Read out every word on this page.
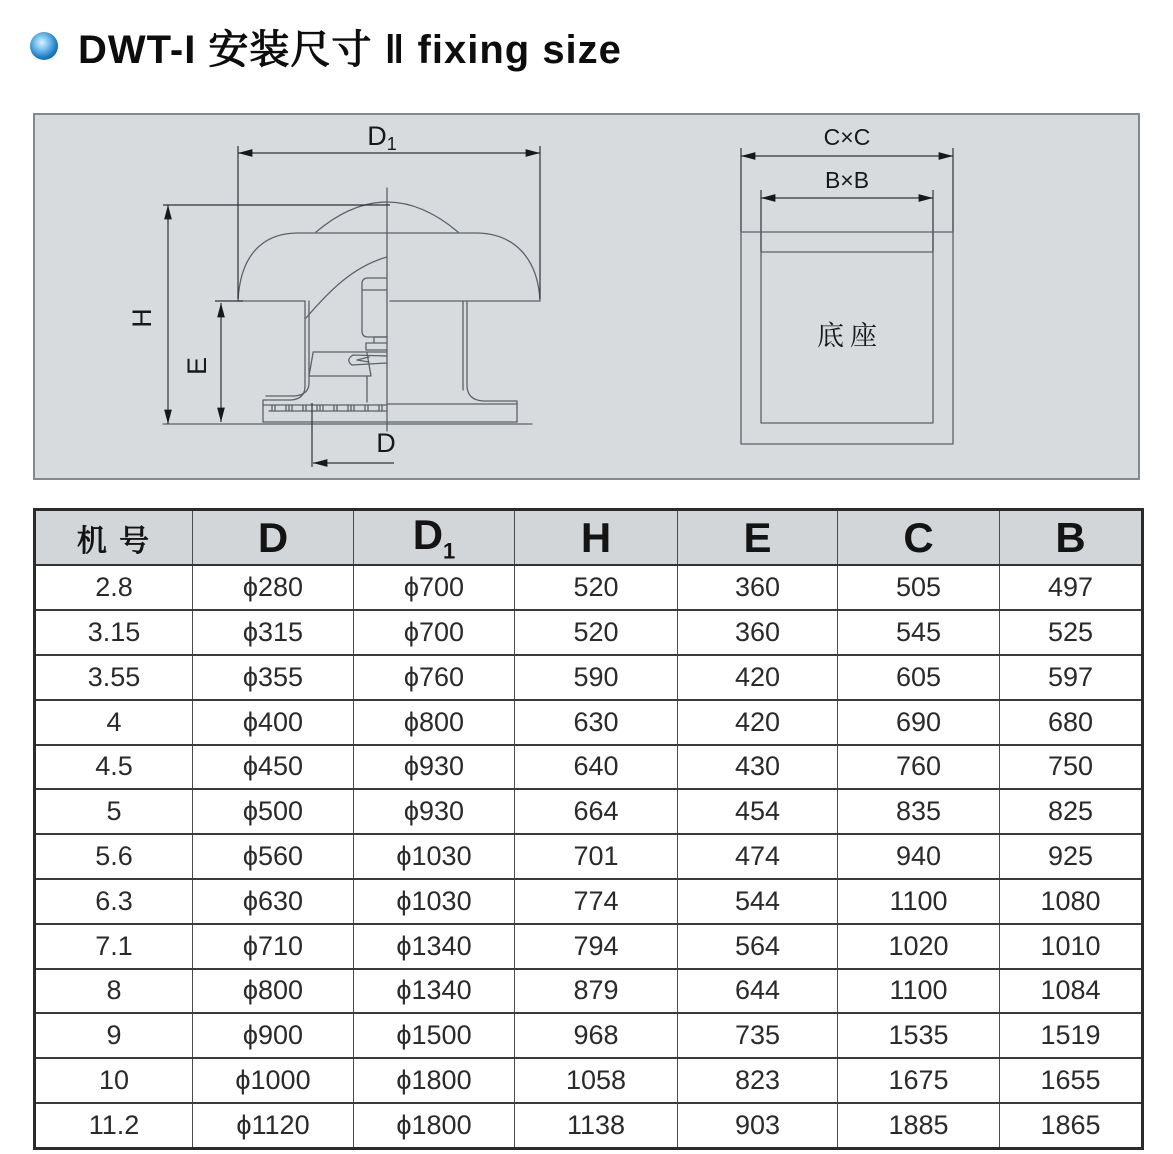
DWT-I 安装尺寸 ‖ fixing size
D1
H
E
D
C×C
B×B
底座
机 号	D	$D_1$	H	E	C	B
2.8	ϕ280	ϕ700	520	360	505	497
3.15	ϕ315	ϕ700	520	360	545	525
3.55	ϕ355	ϕ760	590	420	605	597
4	ϕ400	ϕ800	630	420	690	680
4.5	ϕ450	ϕ930	640	430	760	750
5	ϕ500	ϕ930	664	454	835	825
5.6	ϕ560	ϕ1030	701	474	940	925
6.3	ϕ630	ϕ1030	774	544	1100	1080
7.1	ϕ710	ϕ1340	794	564	1020	1010
8	ϕ800	ϕ1340	879	644	1100	1084
9	ϕ900	ϕ1500	968	735	1535	1519
10	ϕ1000	ϕ1800	1058	823	1675	1655
11.2	ϕ1120	ϕ1800	1138	903	1885	1865
